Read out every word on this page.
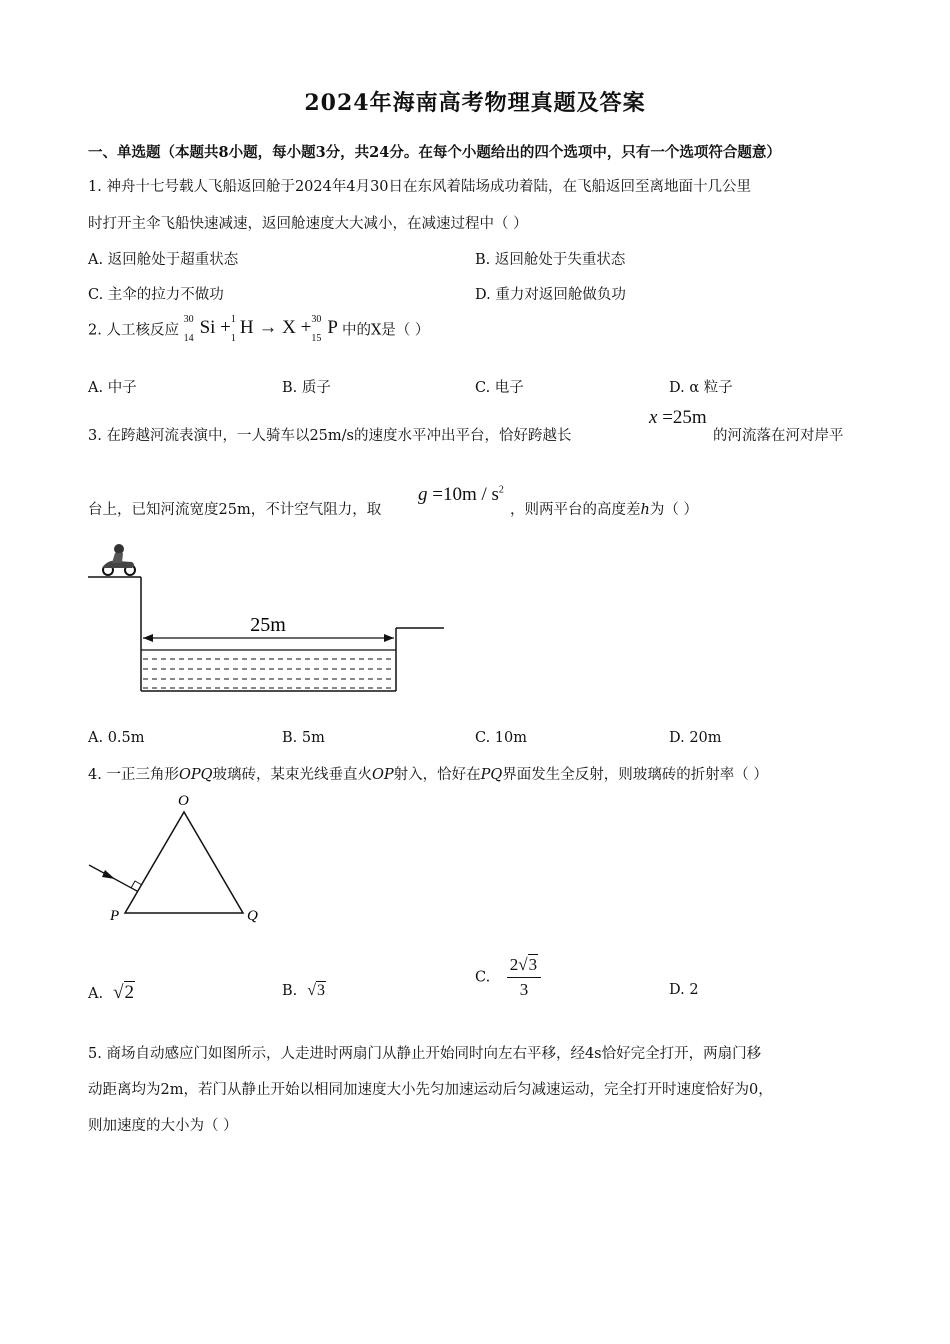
2024年海南高考物理真题及答案
一、单选题（本题共8小题，每小题3分，共24分。在每个小题给出的四个选项中，只有一个选项符合题意）
1. 神舟十七号载人飞船返回舱于2024年4月30日在东风着陆场成功着陆，在飞船返回至离地面十几公里
时打开主伞飞船快速减速，返回舱速度大大减小，在减速过程中（ ）
A. 返回舱处于超重状态	B. 返回舱处于失重状态
C. 主伞的拉力不做功	D. 重力对返回舱做负功
2. 人工核反应
30
14
Si + 1
1
H → X + 30
15
P 中的X是（ ）
A. 中子	B. 质子	C. 电子	D. α 粒子
3. 在跨越河流表演中，一人骑车以25m/s的速度水平冲出平台，恰好跨越长
x =25m
的河流落在河对岸平
台上，已知河流宽度25m，不计空气阻力，取
$g =10m / s^2$
，则两平台的高度差h为（ ）
25m
A. 0.5m	B. 5m	C. 10m	D. 20m
4. 一正三角形OPQ玻璃砖，某束光线垂直火OP射入，恰好在PQ界面发生全反射，则玻璃砖的折射率（ ）
O
P	Q
A. √2	B. √3
C. $\frac{2√3}{3}$	D. 2
5. 商场自动感应门如图所示，人走进时两扇门从静止开始同时向左右平移，经4s恰好完全打开，两扇门移
动距离均为2m，若门从静止开始以相同加速度大小先匀加速运动后匀减速运动，完全打开时速度恰好为0，
则加速度的大小为（ ）
